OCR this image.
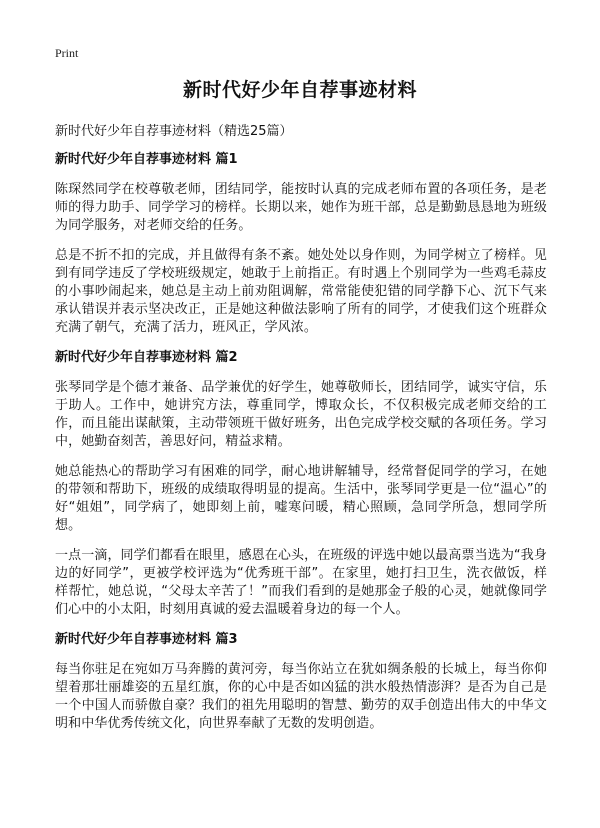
Print
新时代好少年自荐事迹材料
新时代好少年自荐事迹材料（精选25篇）
新时代好少年自荐事迹材料 篇1

陈琛然同学在校尊敬老师，团结同学，能按时认真的完成老师布置的各项任务，是老师的得力助手、同学学习的榜样。长期以来，她作为班干部，总是勤勤恳恳地为班级为同学服务，对老师交给的任务。

总是不折不扣的完成，并且做得有条不紊。她处处以身作则，为同学树立了榜样。见到有同学违反了学校班级规定，她敢于上前指正。有时遇上个别同学为一些鸡毛蒜皮的小事吵闹起来，她总是主动上前劝阻调解，常常能使犯错的同学静下心、沉下气来承认错误并表示坚决改正，正是她这种做法影响了所有的同学，才使我们这个班群众充满了朝气，充满了活力，班风正，学风浓。

新时代好少年自荐事迹材料 篇2

张琴同学是个德才兼备、品学兼优的好学生，她尊敬师长，团结同学，诚实守信，乐于助人。工作中，她讲究方法，尊重同学，博取众长，不仅积极完成老师交给的工作，而且能出谋献策，主动带领班干做好班务，出色完成学校交赋的各项任务。学习中，她勤奋刻苦，善思好问，精益求精。

她总能热心的帮助学习有困难的同学，耐心地讲解辅导，经常督促同学的学习，在她的带领和帮助下，班级的成绩取得明显的提高。生活中，张琴同学更是一位“温心”的好“姐姐”，同学病了，她即刻上前，嘘寒问暖，精心照顾，急同学所急，想同学所想。

一点一滴，同学们都看在眼里，感恩在心头，在班级的评选中她以最高票当选为“我身边的好同学”，更被学校评选为“优秀班干部”。在家里，她打扫卫生，洗衣做饭，样样帮忙，她总说，“父母太辛苦了！”而我们看到的是她那金子般的心灵，她就像同学们心中的小太阳，时刻用真诚的爱去温暖着身边的每一个人。

新时代好少年自荐事迹材料 篇3

每当你驻足在宛如万马奔腾的黄河旁，每当你站立在犹如绸条般的长城上，每当你仰望着那壮丽雄姿的五星红旗，你的心中是否如凶猛的洪水般热情澎湃？是否为自己是一个中国人而骄傲自豪？我们的祖先用聪明的智慧、勤劳的双手创造出伟大的中华文明和中华优秀传统文化，向世界奉献了无数的发明创造。
